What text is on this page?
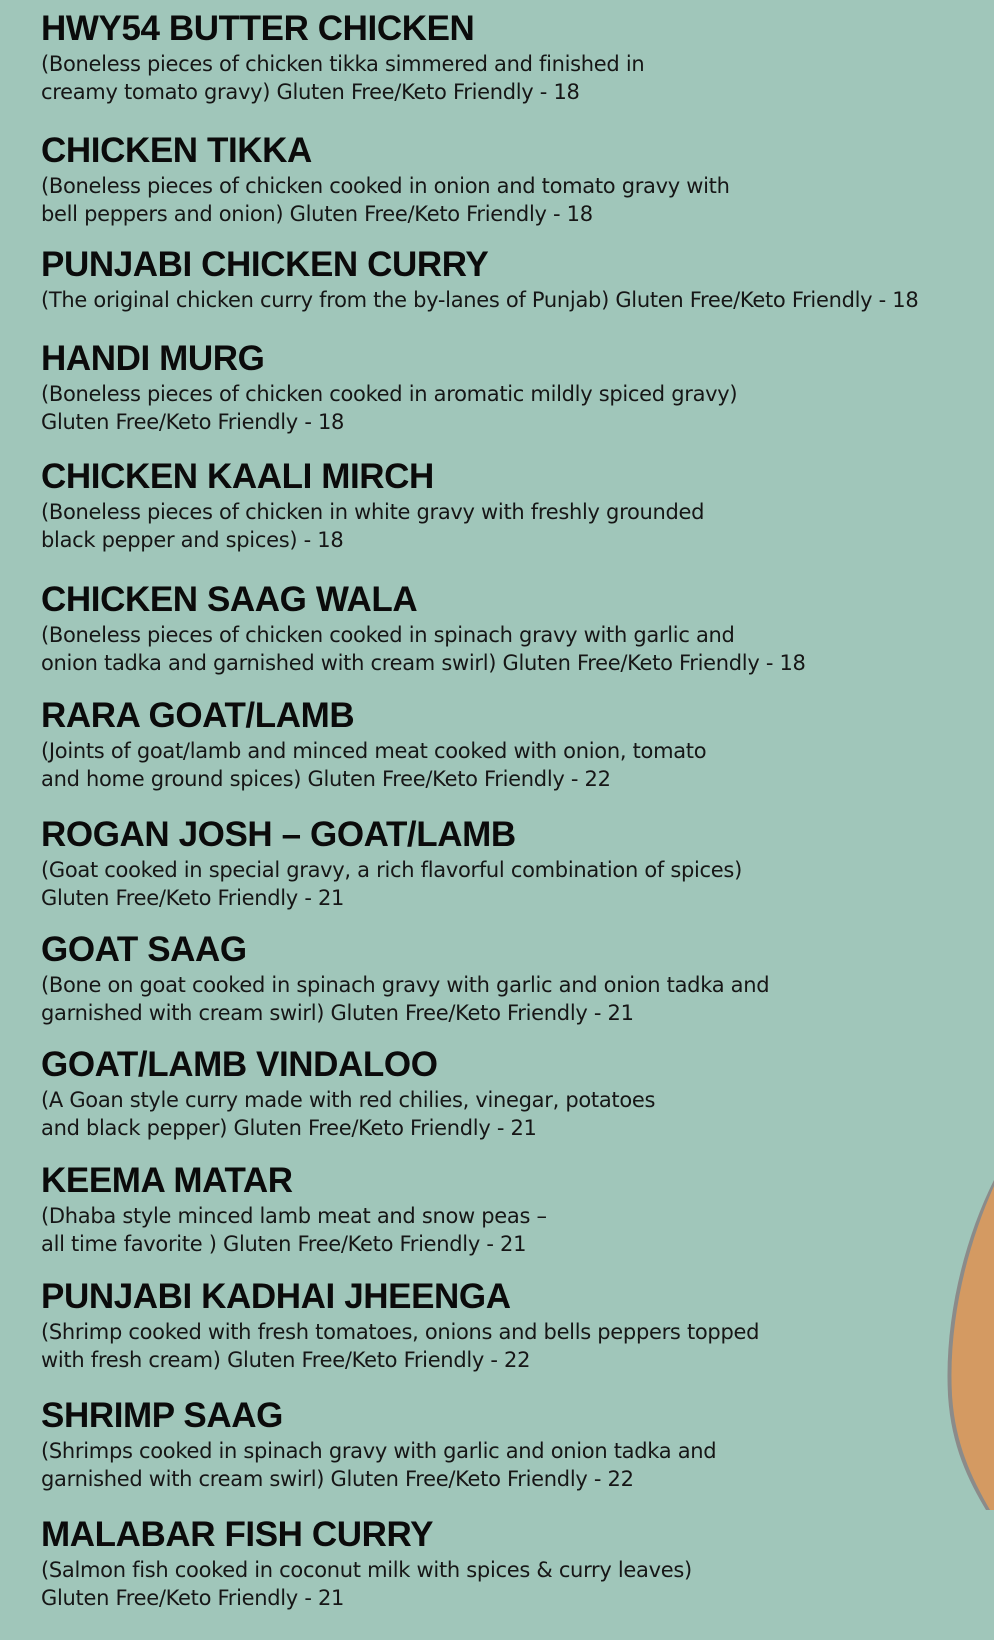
HWY54 BUTTER CHICKEN
(Boneless pieces of chicken tikka simmered and finished in
creamy tomato gravy) Gluten Free/Keto Friendly - 18
CHICKEN TIKKA
(Boneless pieces of chicken cooked in onion and tomato gravy with
bell peppers and onion) Gluten Free/Keto Friendly - 18
PUNJABI CHICKEN CURRY
(The original chicken curry from the by-lanes of Punjab) Gluten Free/Keto Friendly - 18
HANDI MURG
(Boneless pieces of chicken cooked in aromatic mildly spiced gravy)
Gluten Free/Keto Friendly - 18
CHICKEN KAALI MIRCH
(Boneless pieces of chicken in white gravy with freshly grounded
black pepper and spices) - 18
CHICKEN SAAG WALA
(Boneless pieces of chicken cooked in spinach gravy with garlic and
onion tadka and garnished with cream swirl) Gluten Free/Keto Friendly - 18
RARA GOAT/LAMB
(Joints of goat/lamb and minced meat cooked with onion, tomato
and home ground spices) Gluten Free/Keto Friendly - 22
ROGAN JOSH – GOAT/LAMB
(Goat cooked in special gravy, a rich flavorful combination of spices)
Gluten Free/Keto Friendly - 21
GOAT SAAG
(Bone on goat cooked in spinach gravy with garlic and onion tadka and
garnished with cream swirl) Gluten Free/Keto Friendly - 21
GOAT/LAMB VINDALOO
(A Goan style curry made with red chilies, vinegar, potatoes
and black pepper) Gluten Free/Keto Friendly - 21
KEEMA MATAR
(Dhaba style minced lamb meat and snow peas –
all time favorite ) Gluten Free/Keto Friendly - 21
PUNJABI KADHAI JHEENGA
(Shrimp cooked with fresh tomatoes, onions and bells peppers topped
with fresh cream) Gluten Free/Keto Friendly - 22
SHRIMP SAAG
(Shrimps cooked in spinach gravy with garlic and onion tadka and
garnished with cream swirl) Gluten Free/Keto Friendly - 22
MALABAR FISH CURRY
(Salmon fish cooked in coconut milk with spices & curry leaves)
Gluten Free/Keto Friendly - 21
